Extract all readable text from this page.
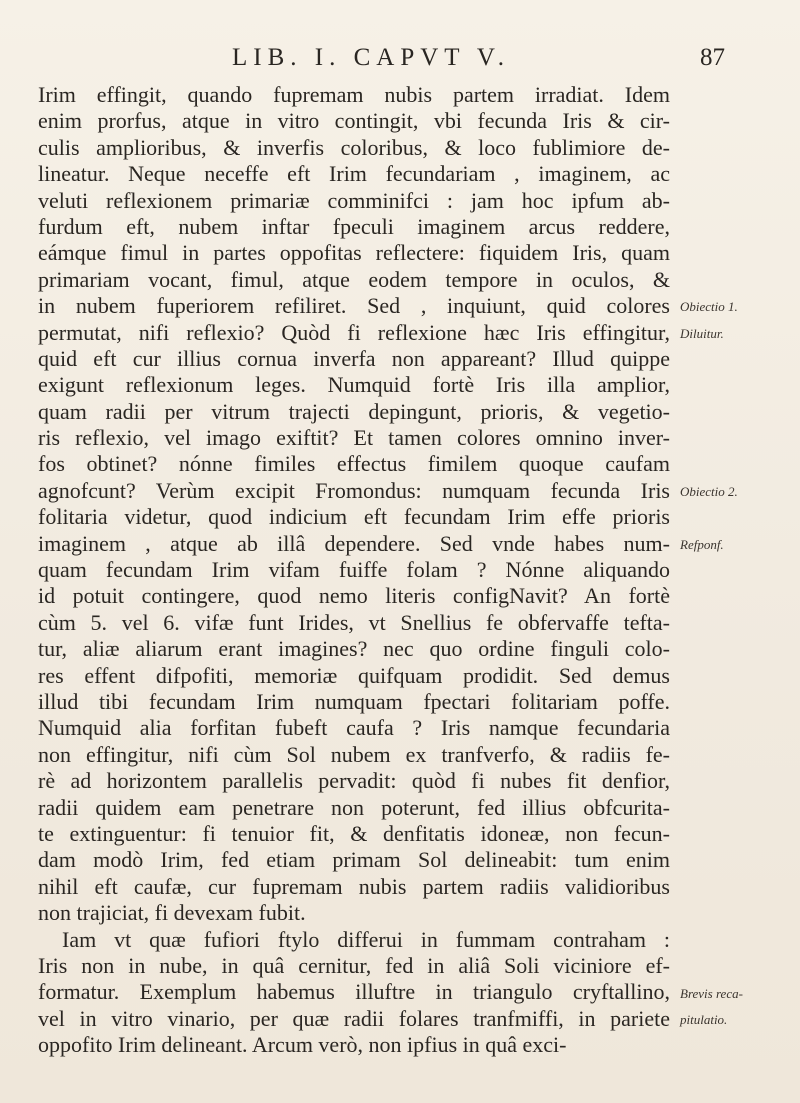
LIB. I. CAPVT V.	87
Irim effingit, quando fupremam nubis partem irradiat. Idem
enim prorfus, atque in vitro contingit, vbi fecunda Iris & cir-
culis amplioribus, & inverfis coloribus, & loco fublimiore de-
lineatur. Neque neceffe eft Irim fecundariam , imaginem, ac
veluti reflexionem primariæ comminifci : jam hoc ipfum ab-
furdum eft, nubem inftar fpeculi imaginem arcus reddere,
eámque fimul in partes oppofitas reflectere: fiquidem Iris, quam
primariam vocant, fimul, atque eodem tempore in oculos, &
in nubem fuperiorem refiliret. Sed , inquiunt, quid colores
permutat, nifi reflexio? Quòd fi reflexione hæc Iris effingitur,
quid eft cur illius cornua inverfa non appareant? Illud quippe
exigunt reflexionum leges. Numquid fortè Iris illa amplior,
quam radii per vitrum trajecti depingunt, prioris, & vegetio-
ris reflexio, vel imago exiftit? Et tamen colores omnino inver-
fos obtinet? nónne fimiles effectus fimilem quoque caufam
agnofcunt? Verùm excipit Fromondus: numquam fecunda Iris
folitaria videtur, quod indicium eft fecundam Irim effe prioris
imaginem , atque ab illâ dependere. Sed vnde habes num-
quam fecundam Irim vifam fuiffe folam ? Nónne aliquando
id potuit contingere, quod nemo literis configNavit? An fortè
cùm 5. vel 6. vifæ funt Irides, vt Snellius fe obfervaffe tefta-
tur, aliæ aliarum erant imagines? nec quo ordine finguli colo-
res effent difpofiti, memoriæ quifquam prodidit. Sed demus
illud tibi fecundam Irim numquam fpectari folitariam poffe.
Numquid alia forfitan fubeft caufa ? Iris namque fecundaria
non effingitur, nifi cùm Sol nubem ex tranfverfo, & radiis fe-
rè ad horizontem parallelis pervadit: quòd fi nubes fit denfior,
radii quidem eam penetrare non poterunt, fed illius obfcurita-
te extinguentur: fi tenuior fit, & denfitatis idoneæ, non fecun-
dam modò Irim, fed etiam primam Sol delineabit: tum enim
nihil eft caufæ, cur fupremam nubis partem radiis validioribus
non trajiciat, fi devexam fubit.
Iam vt quæ fufiori ftylo differui in fummam contraham :
Iris non in nube, in quâ cernitur, fed in aliâ Soli viciniore ef-
formatur. Exemplum habemus illuftre in triangulo cryftallino,
vel in vitro vinario, per quæ radii folares tranfmiffi, in pariete
oppofito Irim delineant. Arcum verò, non ipfius in quâ exci-
Obiectio 1.
Diluitur.
Obiectio 2.
Refponf.
Brevis reca-
pitulatio.
